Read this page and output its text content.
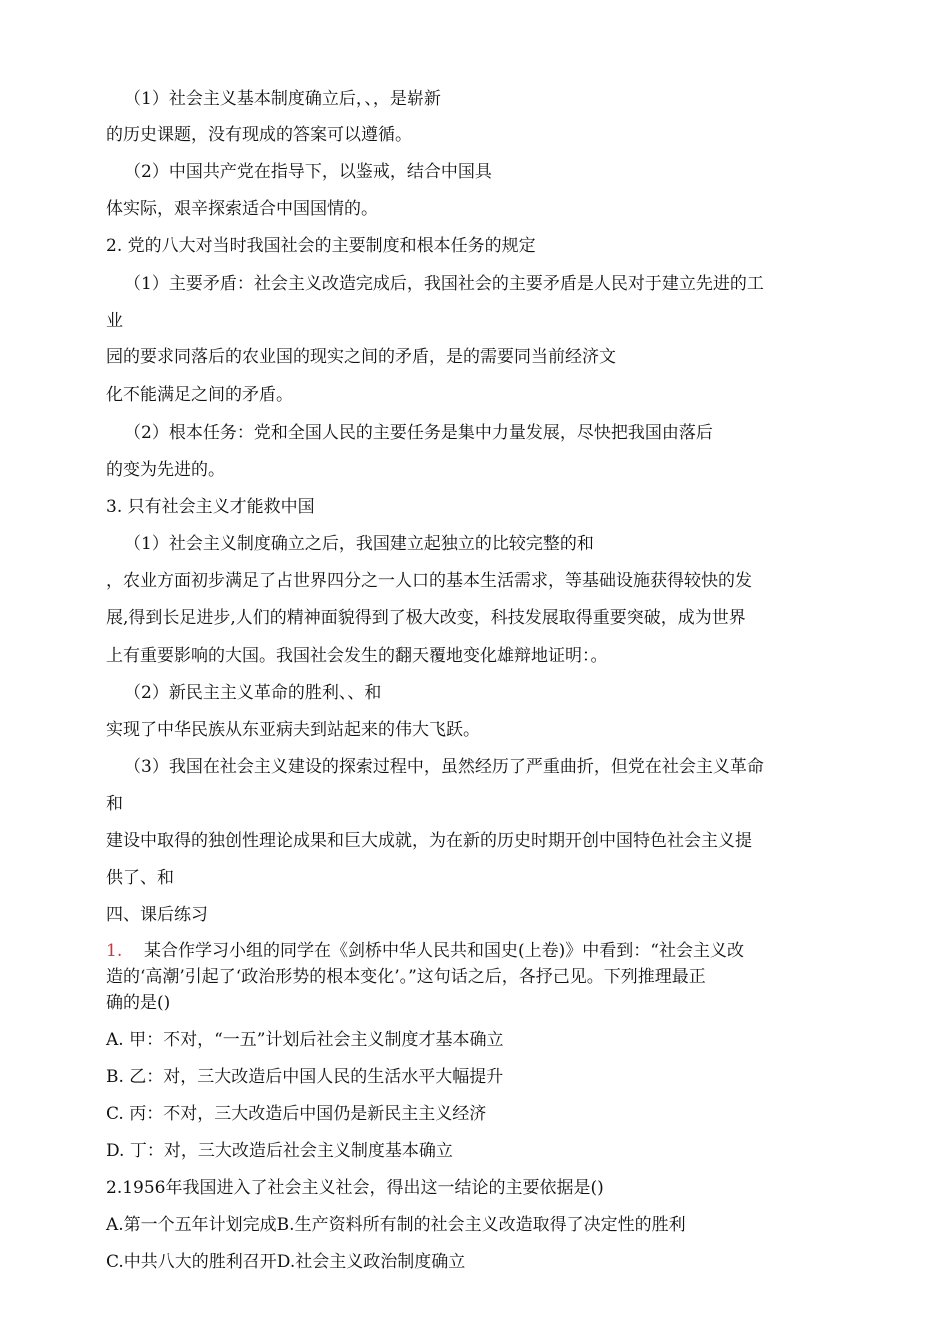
（1）社会主义基本制度确立后，、，是崭新
的历史课题，没有现成的答案可以遵循。
（2）中国共产党在指导下，以鉴戒，结合中国具
体实际，艰辛探索适合中国国情的。
2. 党的八大对当时我国社会的主要制度和根本任务的规定
（1）主要矛盾：社会主义改造完成后，我国社会的主要矛盾是人民对于建立先进的工
业
园的要求同落后的农业国的现实之间的矛盾，是的需要同当前经济文
化不能满足之间的矛盾。
（2）根本任务：党和全国人民的主要任务是集中力量发展，尽快把我国由落后
的变为先进的。
3. 只有社会主义才能救中国
（1）社会主义制度确立之后，我国建立起独立的比较完整的和
，农业方面初步满足了占世界四分之一人口的基本生活需求，等基础设施获得较快的发
展,得到长足进步,人们的精神面貌得到了极大改变，科技发展取得重要突破，成为世界
上有重要影响的大国。我国社会发生的翻天覆地变化雄辩地证明：。
（2）新民主主义革命的胜利、、和
实现了中华民族从东亚病夫到站起来的伟大飞跃。
（3）我国在社会主义建设的探索过程中，虽然经历了严重曲折，但党在社会主义革命
和
建设中取得的独创性理论成果和巨大成就，为在新的历史时期开创中国特色社会主义提
供了、和
四、课后练习
1. 某合作学习小组的同学在《剑桥中华人民共和国史(上卷)》中看到：“社会主义改
造的‘高潮’引起了‘政治形势的根本变化’。”这句话之后，各抒己见。下列推理最正
确的是()
A. 甲：不对，“一五”计划后社会主义制度才基本确立
B. 乙：对，三大改造后中国人民的生活水平大幅提升
C. 丙：不对，三大改造后中国仍是新民主主义经济
D. 丁：对，三大改造后社会主义制度基本确立
2.1956年我国进入了社会主义社会，得出这一结论的主要依据是()
A.第一个五年计划完成B.生产资料所有制的社会主义改造取得了决定性的胜利
C.中共八大的胜利召开D.社会主义政治制度确立
